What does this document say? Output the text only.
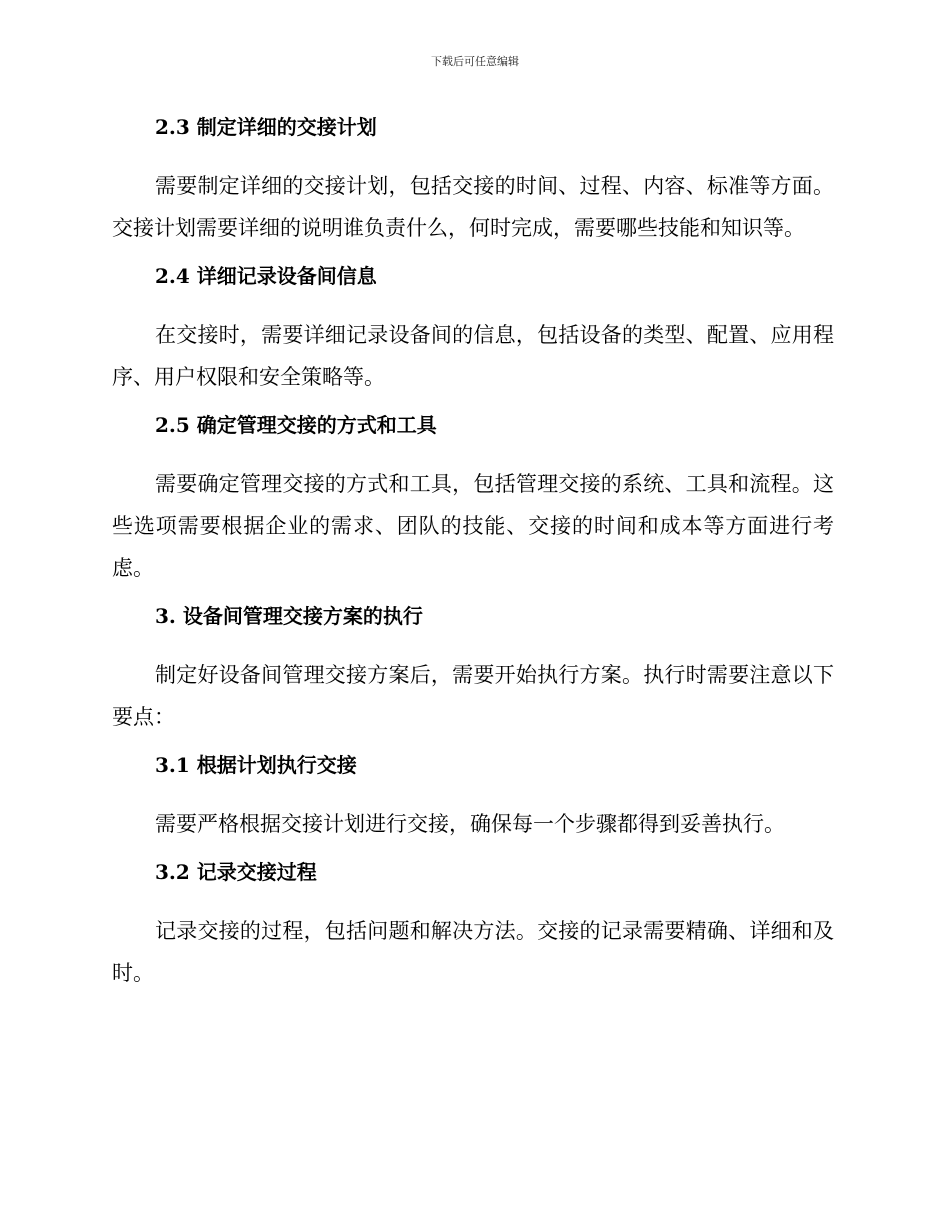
下载后可任意编辑
2.3 制定详细的交接计划
需要制定详细的交接计划，包括交接的时间、过程、内容、标准等方面。交接计划需要详细的说明谁负责什么，何时完成，需要哪些技能和知识等。
2.4 详细记录设备间信息
在交接时，需要详细记录设备间的信息，包括设备的类型、配置、应用程序、用户权限和安全策略等。
2.5 确定管理交接的方式和工具
需要确定管理交接的方式和工具，包括管理交接的系统、工具和流程。这些选项需要根据企业的需求、团队的技能、交接的时间和成本等方面进行考虑。
3. 设备间管理交接方案的执行
制定好设备间管理交接方案后，需要开始执行方案。执行时需要注意以下要点：
3.1 根据计划执行交接
需要严格根据交接计划进行交接，确保每一个步骤都得到妥善执行。
3.2 记录交接过程
记录交接的过程，包括问题和解决方法。交接的记录需要精确、详细和及时。
